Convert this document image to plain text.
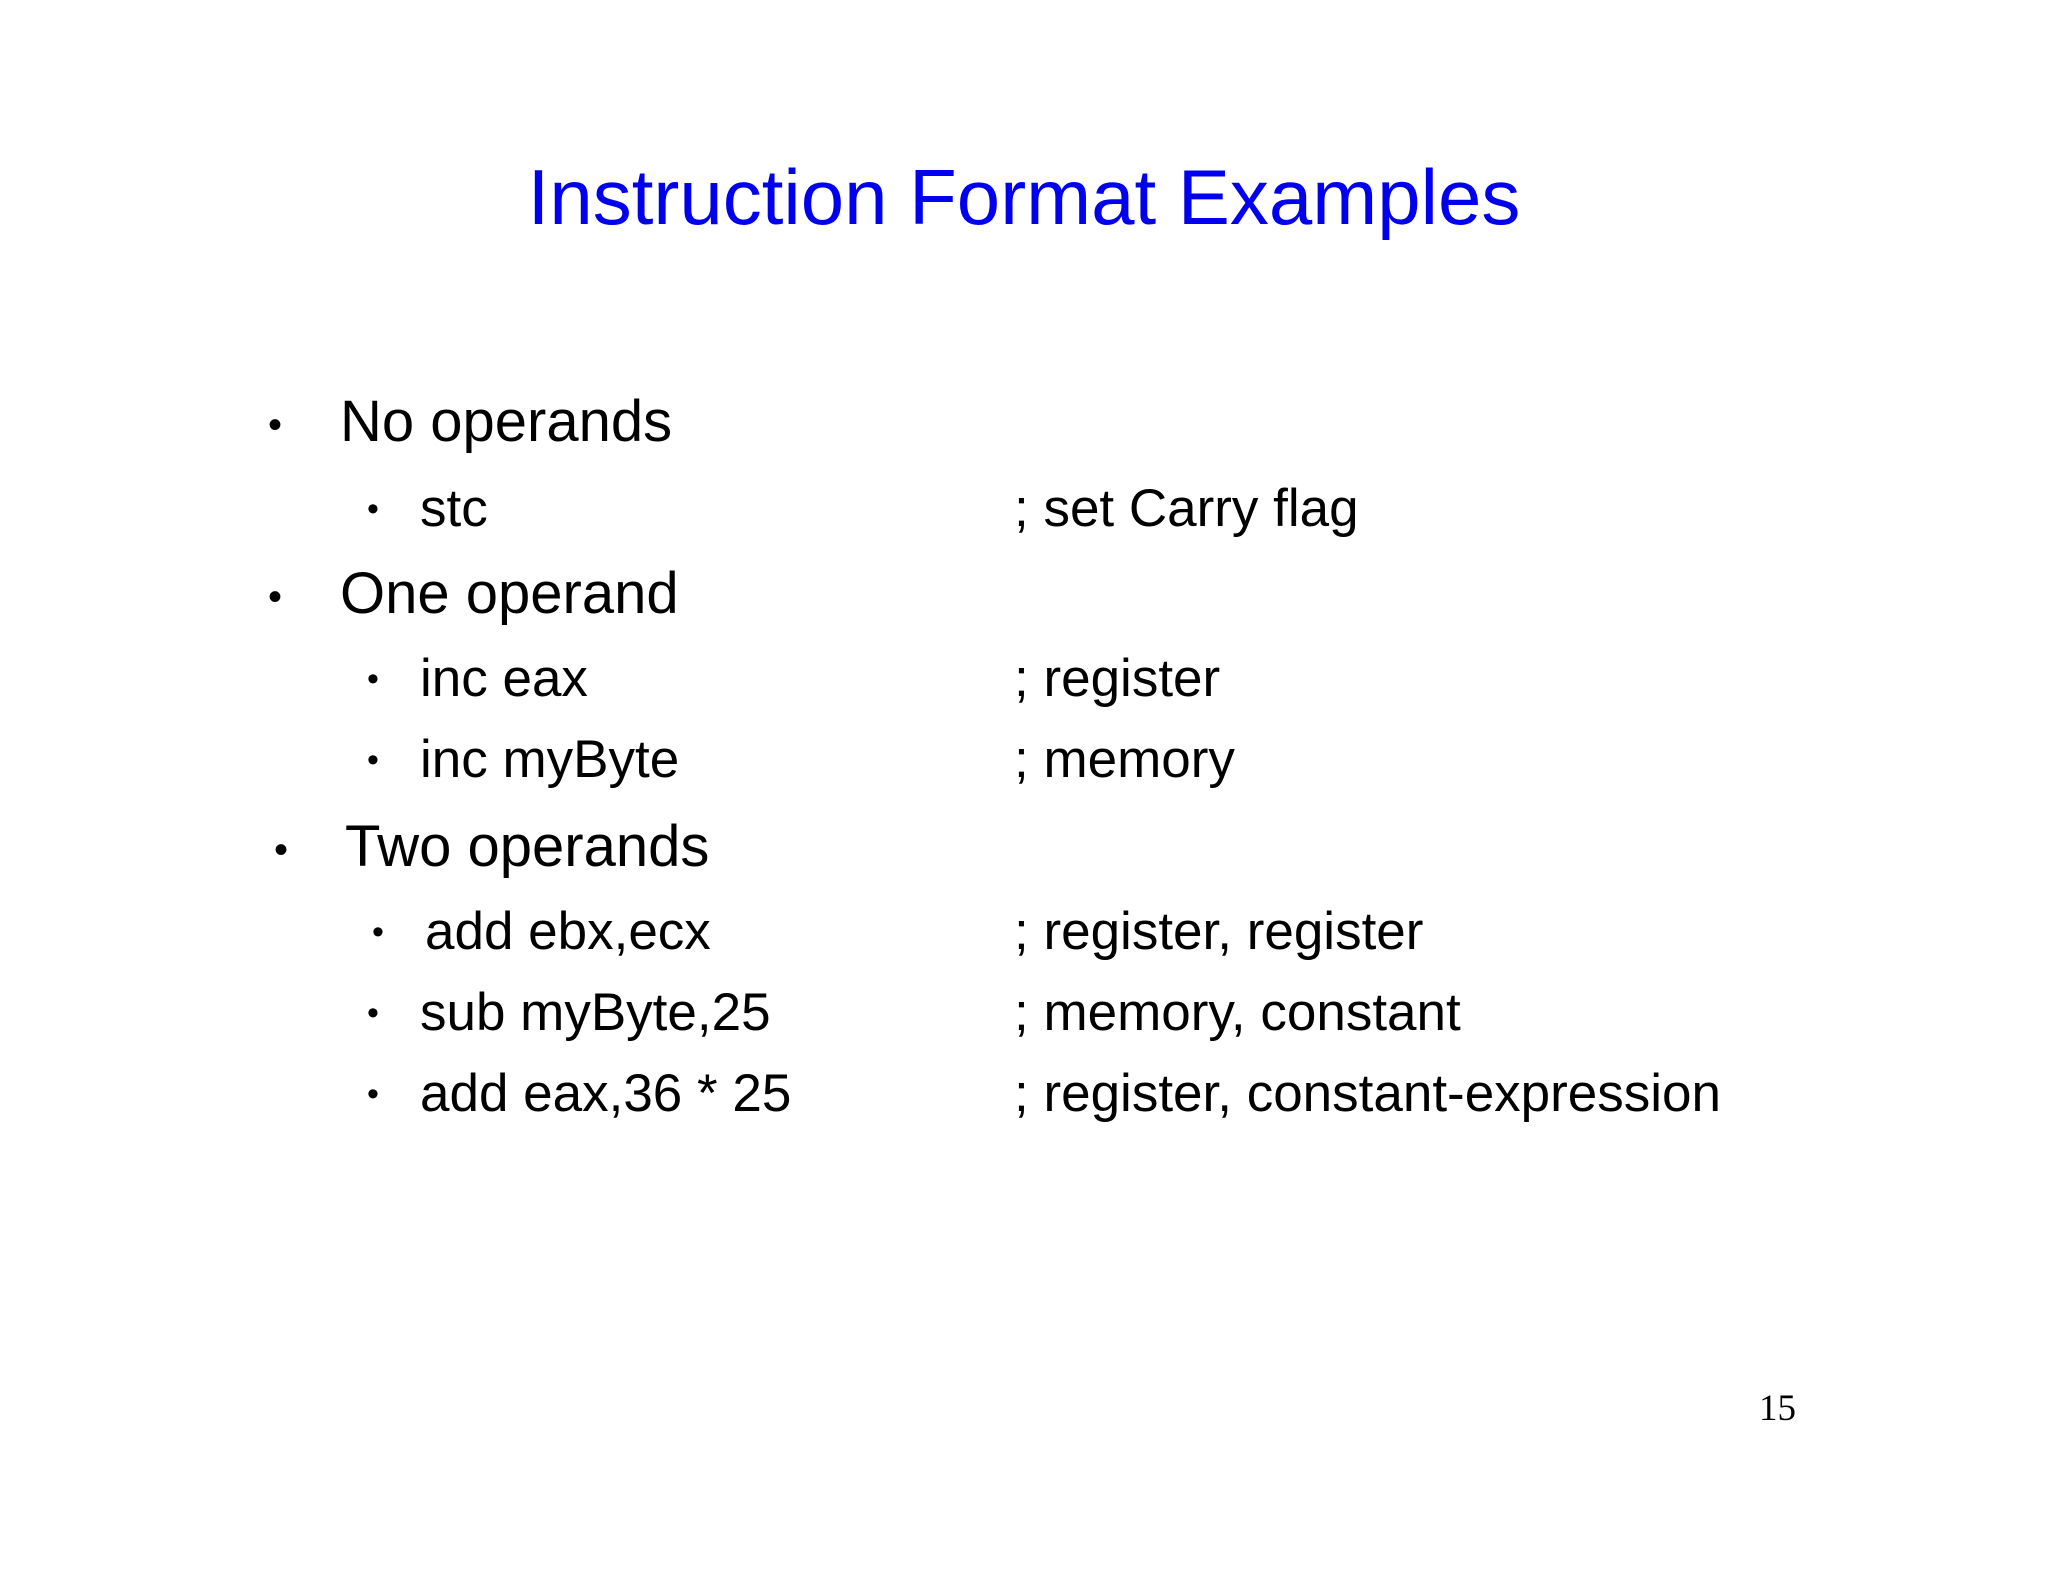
Instruction Format Examples
• No operands
• stc	; set Carry flag
• One operand
• inc eax	; register
• inc myByte	; memory
• Two operands
• add ebx,ecx	; register, register
• sub myByte,25	; memory, constant
• add eax,36 * 25	; register, constant-expression
15
